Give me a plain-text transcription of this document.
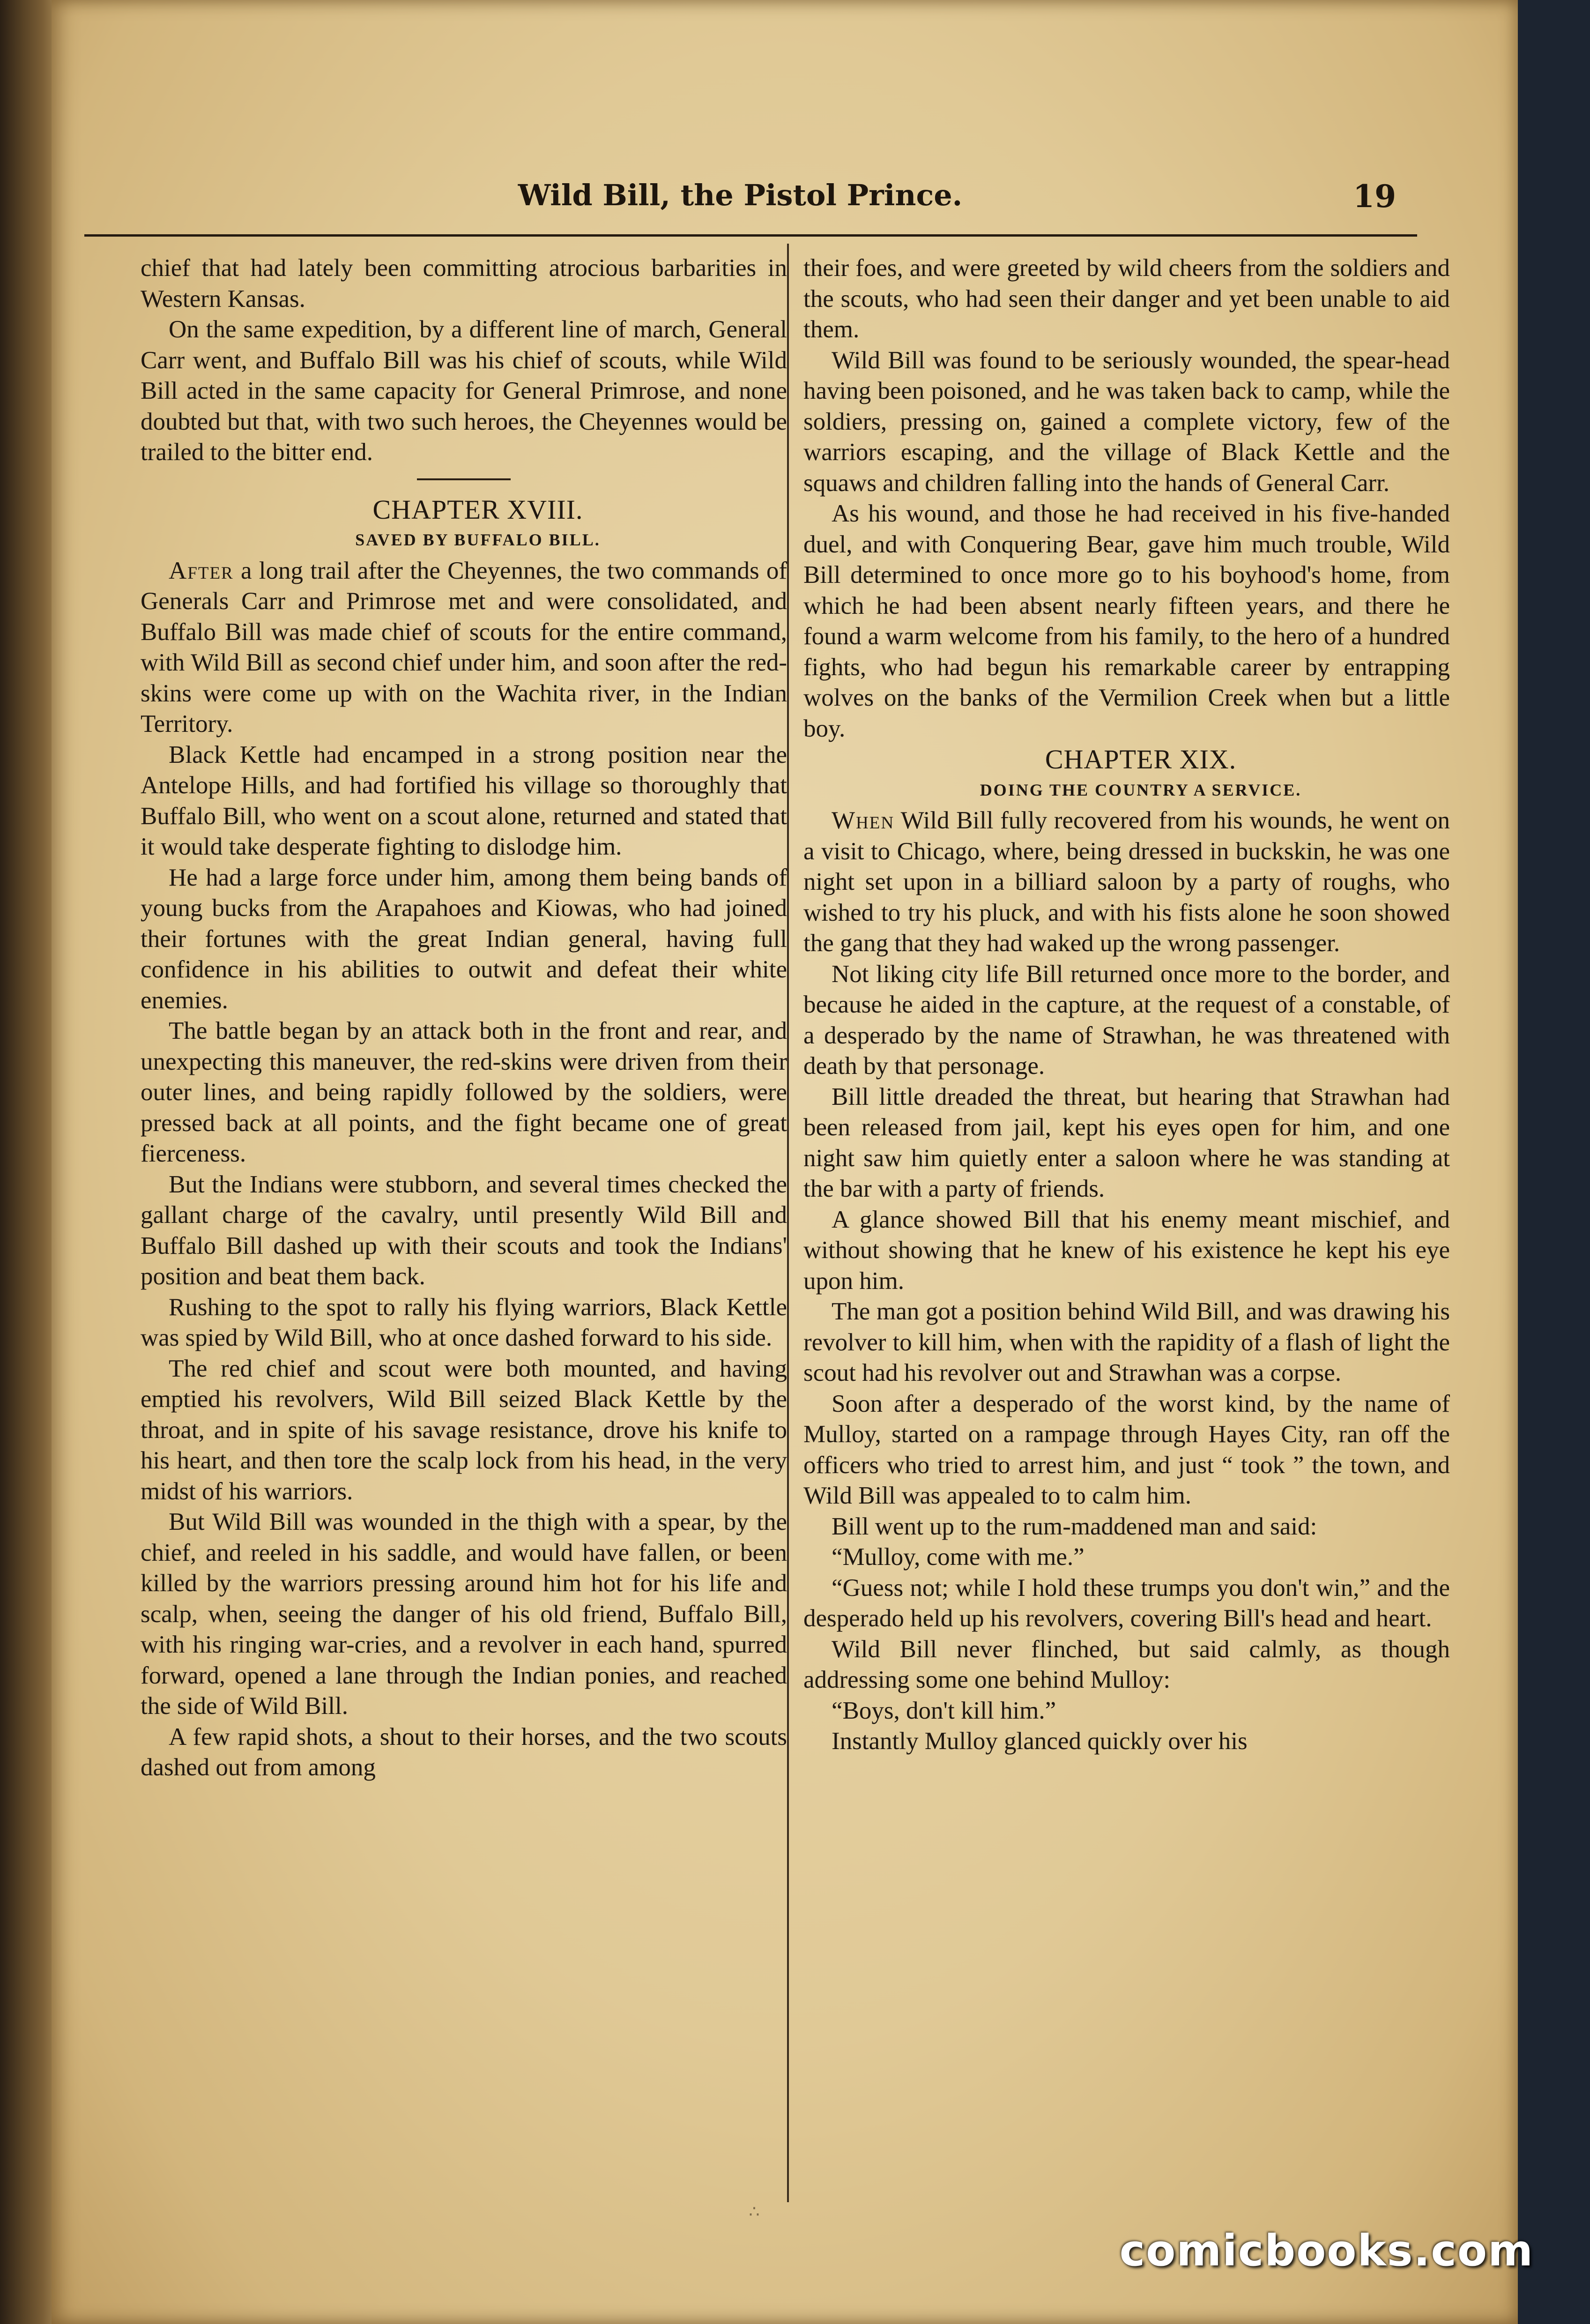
Wild Bill, the Pistol Prince.	19

chief that had lately been committing atrocious barbarities in Western Kansas.

On the same expedition, by a different line of march, General Carr went, and Buffalo Bill was his chief of scouts, while Wild Bill acted in the same capacity for General Primrose, and none doubted but that, with two such heroes, the Cheyennes would be trailed to the bitter end.

CHAPTER XVIII.

SAVED BY BUFFALO BILL.

After a long trail after the Cheyennes, the two commands of Generals Carr and Primrose met and were consolidated, and Buffalo Bill was made chief of scouts for the entire command, with Wild Bill as second chief under him, and soon after the red-skins were come up with on the Wachita river, in the Indian Territory.

Black Kettle had encamped in a strong position near the Antelope Hills, and had fortified his village so thoroughly that Buffalo Bill, who went on a scout alone, returned and stated that it would take desperate fighting to dislodge him.

He had a large force under him, among them being bands of young bucks from the Arapahoes and Kiowas, who had joined their fortunes with the great Indian general, having full confidence in his abilities to outwit and defeat their white enemies.

The battle began by an attack both in the front and rear, and unexpecting this maneuver, the red-skins were driven from their outer lines, and being rapidly followed by the soldiers, were pressed back at all points, and the fight became one of great fierceness.

But the Indians were stubborn, and several times checked the gallant charge of the cavalry, until presently Wild Bill and Buffalo Bill dashed up with their scouts and took the Indians' position and beat them back.

Rushing to the spot to rally his flying warriors, Black Kettle was spied by Wild Bill, who at once dashed forward to his side.

The red chief and scout were both mounted, and having emptied his revolvers, Wild Bill seized Black Kettle by the throat, and in spite of his savage resistance, drove his knife to his heart, and then tore the scalp lock from his head, in the very midst of his warriors.

But Wild Bill was wounded in the thigh with a spear, by the chief, and reeled in his saddle, and would have fallen, or been killed by the warriors pressing around him hot for his life and scalp, when, seeing the danger of his old friend, Buffalo Bill, with his ringing war-cries, and a revolver in each hand, spurred forward, opened a lane through the Indian ponies, and reached the side of Wild Bill.

A few rapid shots, a shout to their horses, and the two scouts dashed out from among

their foes, and were greeted by wild cheers from the soldiers and the scouts, who had seen their danger and yet been unable to aid them.

Wild Bill was found to be seriously wounded, the spear-head having been poisoned, and he was taken back to camp, while the soldiers, pressing on, gained a complete victory, few of the warriors escaping, and the village of Black Kettle and the squaws and children falling into the hands of General Carr.

As his wound, and those he had received in his five-handed duel, and with Conquering Bear, gave him much trouble, Wild Bill determined to once more go to his boyhood's home, from which he had been absent nearly fifteen years, and there he found a warm welcome from his family, to the hero of a hundred fights, who had begun his remarkable career by entrapping wolves on the banks of the Vermilion Creek when but a little boy.

CHAPTER XIX.

DOING THE COUNTRY A SERVICE.

When Wild Bill fully recovered from his wounds, he went on a visit to Chicago, where, being dressed in buckskin, he was one night set upon in a billiard saloon by a party of roughs, who wished to try his pluck, and with his fists alone he soon showed the gang that they had waked up the wrong passenger.

Not liking city life Bill returned once more to the border, and because he aided in the capture, at the request of a constable, of a desperado by the name of Strawhan, he was threatened with death by that personage.

Bill little dreaded the threat, but hearing that Strawhan had been released from jail, kept his eyes open for him, and one night saw him quietly enter a saloon where he was standing at the bar with a party of friends.

A glance showed Bill that his enemy meant mischief, and without showing that he knew of his existence he kept his eye upon him.

The man got a position behind Wild Bill, and was drawing his revolver to kill him, when with the rapidity of a flash of light the scout had his revolver out and Strawhan was a corpse.

Soon after a desperado of the worst kind, by the name of Mulloy, started on a rampage through Hayes City, ran off the officers who tried to arrest him, and just “ took ” the town, and Wild Bill was appealed to to calm him.

Bill went up to the rum-maddened man and said:

“Mulloy, come with me.”

“Guess not; while I hold these trumps you don't win,” and the desperado held up his revolvers, covering Bill's head and heart.

Wild Bill never flinched, but said calmly, as though addressing some one behind Mulloy:

“Boys, don't kill him.”

Instantly Mulloy glanced quickly over his

∴
comicbooks.com
